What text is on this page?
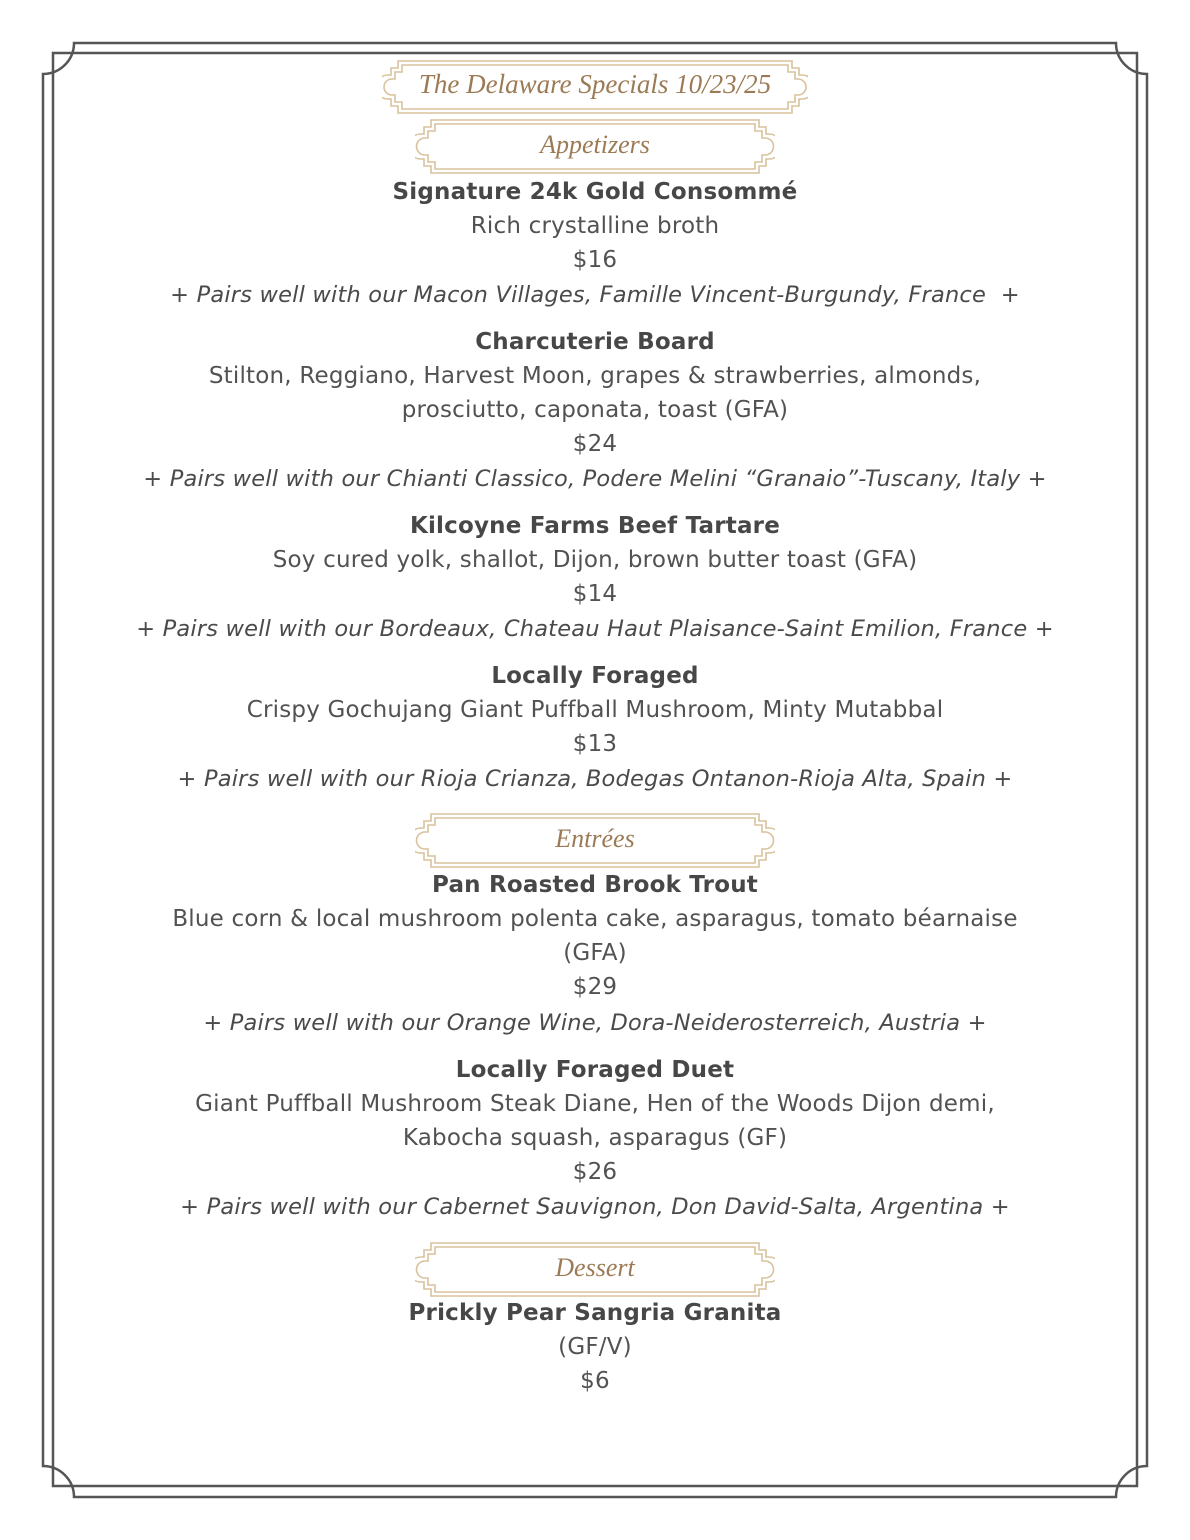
The Delaware Specials 10/23/25
Appetizers
Signature 24k Gold Consommé
Rich crystalline broth
$16
+ Pairs well with our Macon Villages, Famille Vincent-Burgundy, France +
Charcuterie Board
Stilton, Reggiano, Harvest Moon, grapes & strawberries, almonds,
prosciutto, caponata, toast (GFA)
$24
+ Pairs well with our Chianti Classico, Podere Melini “Granaio”-Tuscany, Italy +
Kilcoyne Farms Beef Tartare
Soy cured yolk, shallot, Dijon, brown butter toast (GFA)
$14
+ Pairs well with our Bordeaux, Chateau Haut Plaisance-Saint Emilion, France +
Locally Foraged
Crispy Gochujang Giant Puffball Mushroom, Minty Mutabbal
$13
+ Pairs well with our Rioja Crianza, Bodegas Ontanon-Rioja Alta, Spain +
Entrées
Pan Roasted Brook Trout
Blue corn & local mushroom polenta cake, asparagus, tomato béarnaise
(GFA)
$29
+ Pairs well with our Orange Wine, Dora-Neiderosterreich, Austria +
Locally Foraged Duet
Giant Puffball Mushroom Steak Diane, Hen of the Woods Dijon demi,
Kabocha squash, asparagus (GF)
$26
+ Pairs well with our Cabernet Sauvignon, Don David-Salta, Argentina +
Dessert
Prickly Pear Sangria Granita
(GF/V)
$6
